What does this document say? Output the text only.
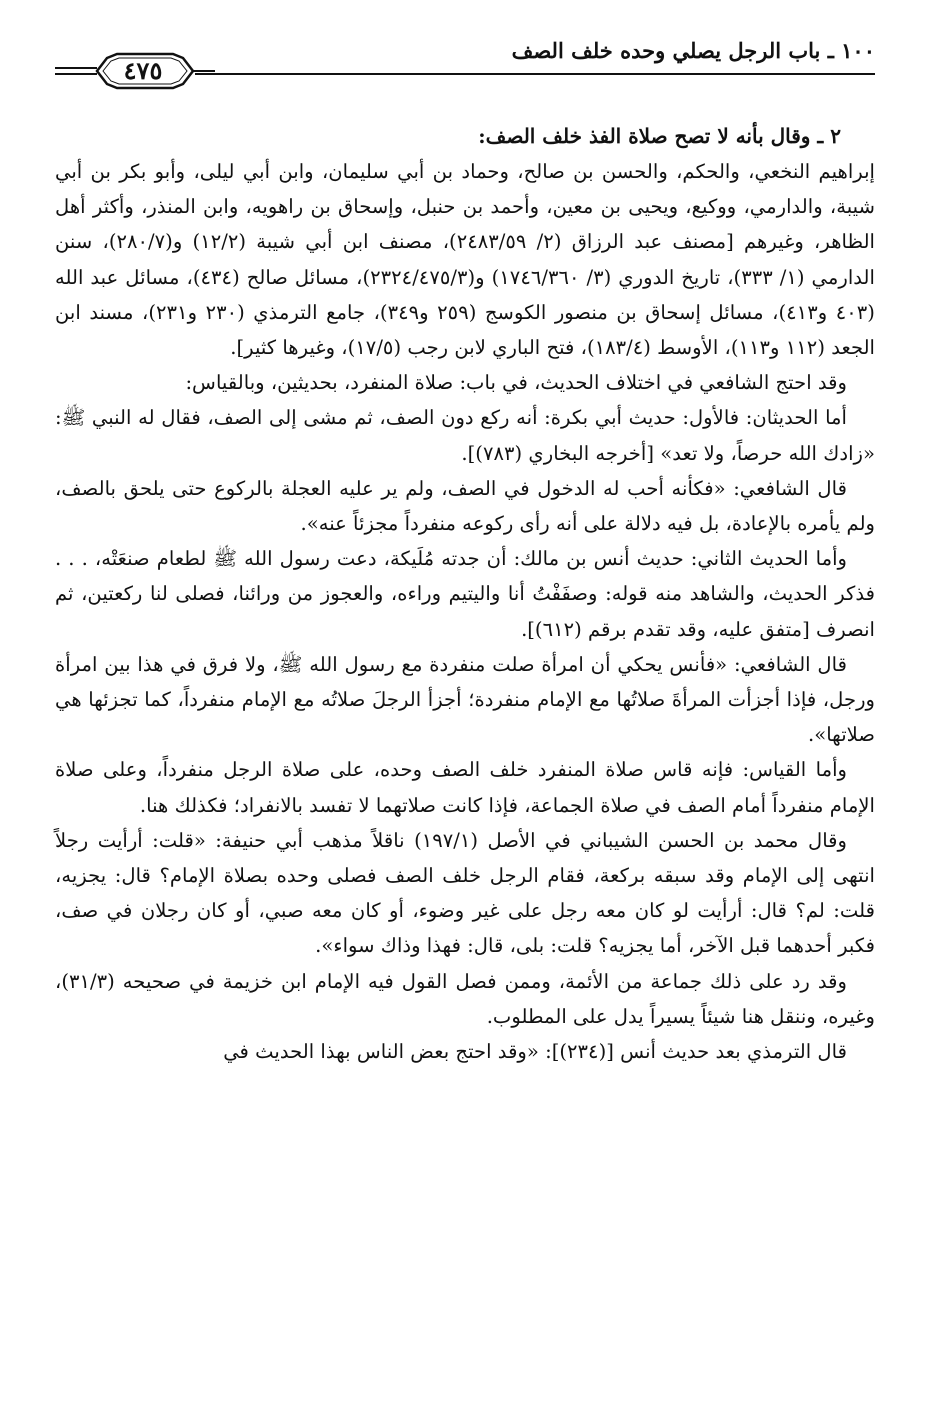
١٠٠ ـ باب الرجل يصلي وحده خلف الصف
٤٧٥
٢ ـ وقال بأنه لا تصح صلاة الفذ خلف الصف:

إبراهيم النخعي، والحكم، والحسن بن صالح، وحماد بن أبي سليمان، وابن أبي ليلى، وأبو بكر بن أبي شيبة، والدارمي، ووكيع، ويحيى بن معين، وأحمد بن حنبل، وإسحاق بن راهويه، وابن المنذر، وأكثر أهل الظاهر، وغيرهم [مصنف عبد الرزاق (٢/ ٢٤٨٣/٥٩)، مصنف ابن أبي شيبة (١٢/٢) و(٢٨٠/٧)، سنن الدارمي (١/ ٣٣٣)، تاريخ الدوري (٣/ ١٧٤٦/٣٦٠) و(٢٣٢٤/٤٧٥/٣)، مسائل صالح (٤٣٤)، مسائل عبد الله (٤٠٣ و٤١٣)، مسائل إسحاق بن منصور الكوسج (٢٥٩ و٣٤٩)، جامع الترمذي (٢٣٠ و٢٣١)، مسند ابن الجعد (١١٢ و١١٣)، الأوسط (١٨٣/٤)، فتح الباري لابن رجب (١٧/٥)، وغيرها كثير].

وقد احتج الشافعي في اختلاف الحديث، في باب: صلاة المنفرد، بحديثين، وبالقياس:

أما الحديثان: فالأول: حديث أبي بكرة: أنه ركع دون الصف، ثم مشى إلى الصف، فقال له النبي ﷺ: «زادك الله حرصاً، ولا تعد» [أخرجه البخاري (٧٨٣)].

قال الشافعي: «فكأنه أحب له الدخول في الصف، ولم ير عليه العجلة بالركوع حتى يلحق بالصف، ولم يأمره بالإعادة، بل فيه دلالة على أنه رأى ركوعه منفرداً مجزئاً عنه».

وأما الحديث الثاني: حديث أنس بن مالك: أن جدته مُلَيكة، دعت رسول الله ﷺ لطعام صنعَتْه، . . . فذكر الحديث، والشاهد منه قوله: وصفَفْتُ أنا واليتيم وراءه، والعجوز من ورائنا، فصلى لنا ركعتين، ثم انصرف [متفق عليه، وقد تقدم برقم (٦١٢)].

قال الشافعي: «فأنس يحكي أن امرأة صلت منفردة مع رسول الله ﷺ، ولا فرق في هذا بين امرأة ورجل، فإذا أجزأت المرأةَ صلاتُها مع الإمام منفردة؛ أجزأ الرجلَ صلاتُه مع الإمام منفرداً، كما تجزئها هي صلاتها».

وأما القياس: فإنه قاس صلاة المنفرد خلف الصف وحده، على صلاة الرجل منفرداً، وعلى صلاة الإمام منفرداً أمام الصف في صلاة الجماعة، فإذا كانت صلاتهما لا تفسد بالانفراد؛ فكذلك هنا.

وقال محمد بن الحسن الشيباني في الأصل (١٩٧/١) ناقلاً مذهب أبي حنيفة: «قلت: أرأيت رجلاً انتهى إلى الإمام وقد سبقه بركعة، فقام الرجل خلف الصف فصلى وحده بصلاة الإمام؟ قال: يجزيه، قلت: لم؟ قال: أرأيت لو كان معه رجل على غير وضوء، أو كان معه صبي، أو كان رجلان في صف، فكبر أحدهما قبل الآخر، أما يجزيه؟ قلت: بلى، قال: فهذا وذاك سواء».

وقد رد على ذلك جماعة من الأئمة، وممن فصل القول فيه الإمام ابن خزيمة في صحيحه (٣١/٣)، وغيره، وننقل هنا شيئاً يسيراً يدل على المطلوب.

قال الترمذي بعد حديث أنس [(٢٣٤)]: «وقد احتج بعض الناس بهذا الحديث في
